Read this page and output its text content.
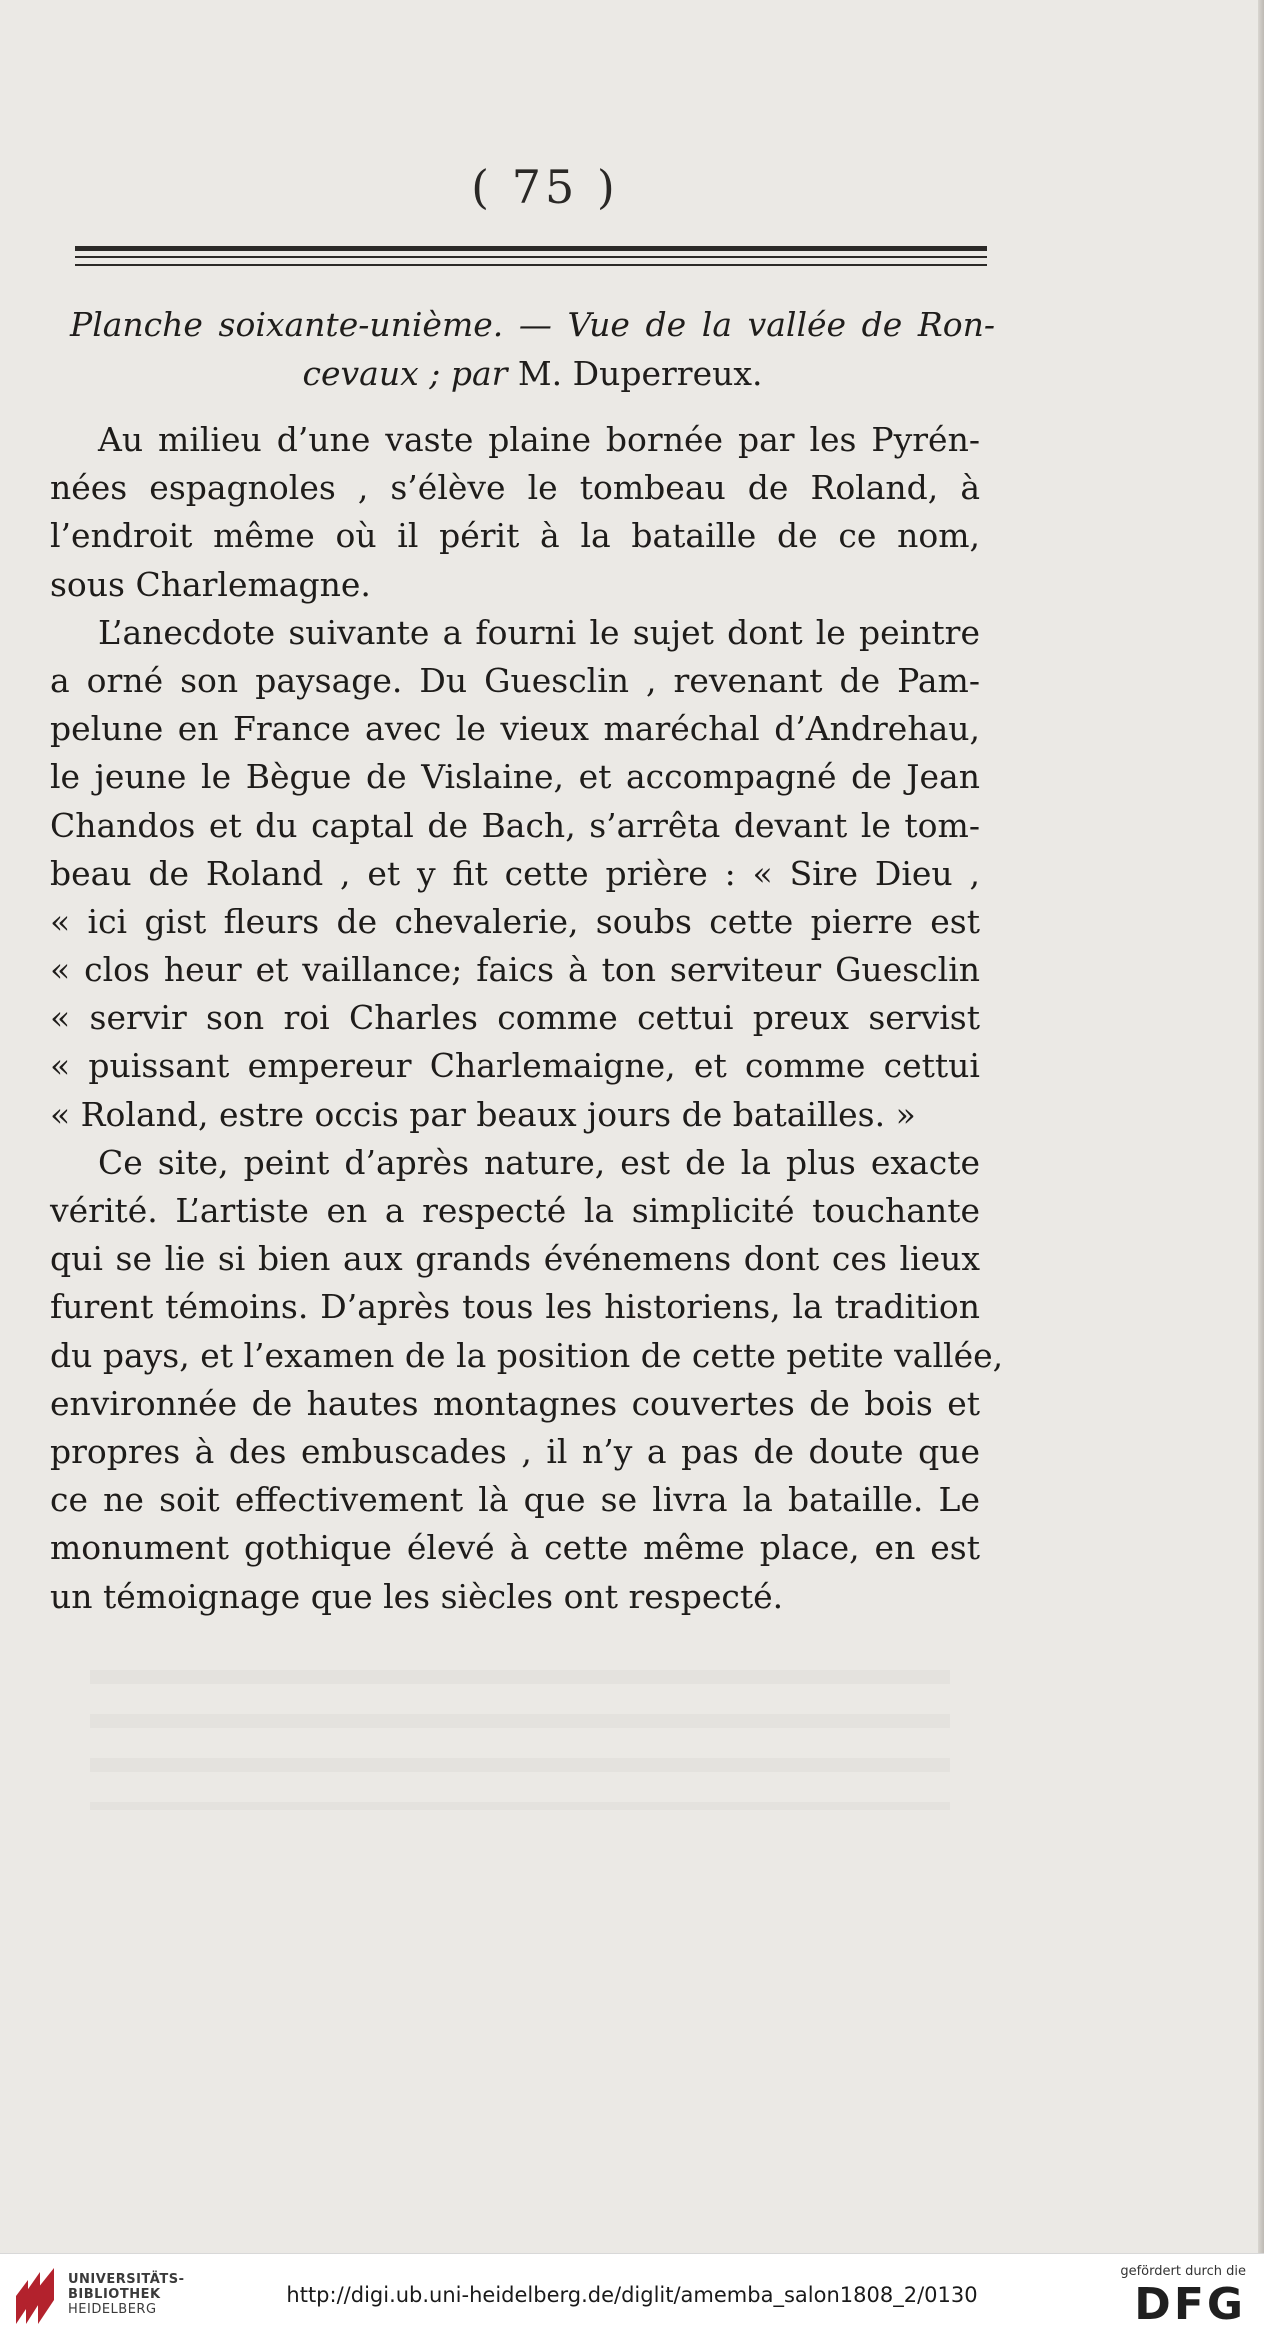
( 75 )
Planche soixante-unième. — Vue de la vallée de Ron-
cevaux ; par M. Duperreux.
Au milieu d’une vaste plaine bornée par les Pyrén-
nées espagnoles , s’élève le tombeau de Roland, à
l’endroit même où il périt à la bataille de ce nom,
sous Charlemagne.
L’anecdote suivante a fourni le sujet dont le peintre
a orné son paysage. Du Guesclin , revenant de Pam-
pelune en France avec le vieux maréchal d’Andrehau,
le jeune le Bègue de Vislaine, et accompagné de Jean
Chandos et du captal de Bach, s’arrêta devant le tom-
beau de Roland , et y fit cette prière : « Sire Dieu ,
« ici gist fleurs de chevalerie, soubs cette pierre est
« clos heur et vaillance; faics à ton serviteur Guesclin
« servir son roi Charles comme cettui preux servist
« puissant empereur Charlemaigne, et comme cettui
« Roland, estre occis par beaux jours de batailles. »
Ce site, peint d’après nature, est de la plus exacte
vérité. L’artiste en a respecté la simplicité touchante
qui se lie si bien aux grands événemens dont ces lieux
furent témoins. D’après tous les historiens, la tradition
du pays, et l’examen de la position de cette petite vallée,
environnée de hautes montagnes couvertes de bois et
propres à des embuscades , il n’y a pas de doute que
ce ne soit effectivement là que se livra la bataille. Le
monument gothique élevé à cette même place, en est
un témoignage que les siècles ont respecté.
UNIVERSITÄTS-
BIBLIOTHEK
HEIDELBERG
http://digi.ub.uni-heidelberg.de/diglit/amemba_salon1808_2/0130
gefördert durch die
DFG
